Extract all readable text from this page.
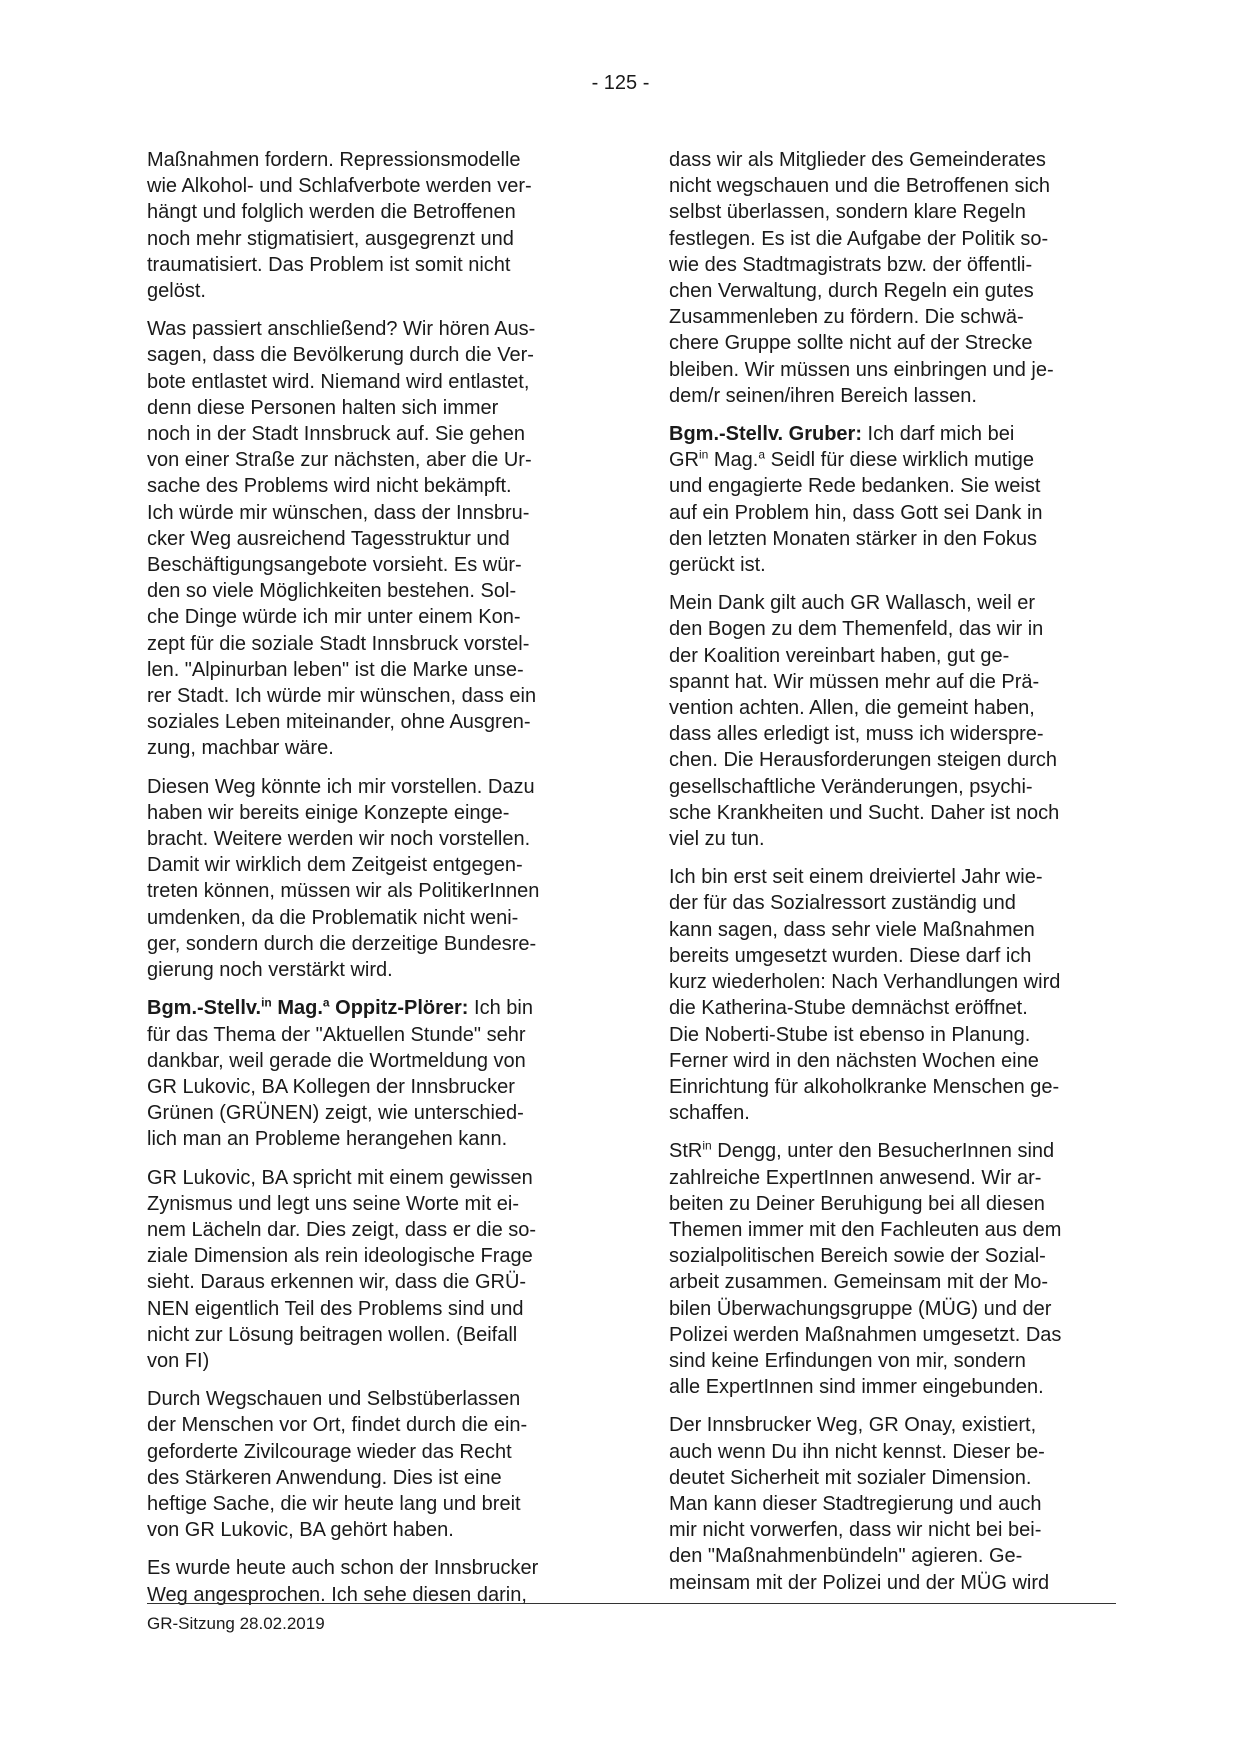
- 125 -

Maßnahmen fordern. Repressionsmodelle
wie Alkohol- und Schlafverbote werden ver-
hängt und folglich werden die Betroffenen
noch mehr stigmatisiert, ausgegrenzt und
traumatisiert. Das Problem ist somit nicht
gelöst.

Was passiert anschließend? Wir hören Aus-
sagen, dass die Bevölkerung durch die Ver-
bote entlastet wird. Niemand wird entlastet,
denn diese Personen halten sich immer
noch in der Stadt Innsbruck auf. Sie gehen
von einer Straße zur nächsten, aber die Ur-
sache des Problems wird nicht bekämpft.
Ich würde mir wünschen, dass der Innsbru-
cker Weg ausreichend Tagesstruktur und
Beschäftigungsangebote vorsieht. Es wür-
den so viele Möglichkeiten bestehen. Sol-
che Dinge würde ich mir unter einem Kon-
zept für die soziale Stadt Innsbruck vorstel-
len. "Alpinurban leben" ist die Marke unse-
rer Stadt. Ich würde mir wünschen, dass ein
soziales Leben miteinander, ohne Ausgren-
zung, machbar wäre.

Diesen Weg könnte ich mir vorstellen. Dazu
haben wir bereits einige Konzepte einge-
bracht. Weitere werden wir noch vorstellen.
Damit wir wirklich dem Zeitgeist entgegen-
treten können, müssen wir als PolitikerInnen
umdenken, da die Problematik nicht weni-
ger, sondern durch die derzeitige Bundesre-
gierung noch verstärkt wird.

Bgm.-Stellv.$^{in}$ Mag.$^a$ Oppitz-Plörer: Ich bin
für das Thema der "Aktuellen Stunde" sehr
dankbar, weil gerade die Wortmeldung von
GR Lukovic, BA Kollegen der Innsbrucker
Grünen (GRÜNEN) zeigt, wie unterschied-
lich man an Probleme herangehen kann.

GR Lukovic, BA spricht mit einem gewissen
Zynismus und legt uns seine Worte mit ei-
nem Lächeln dar. Dies zeigt, dass er die so-
ziale Dimension als rein ideologische Frage
sieht. Daraus erkennen wir, dass die GRÜ-
NEN eigentlich Teil des Problems sind und
nicht zur Lösung beitragen wollen. (Beifall
von FI)

Durch Wegschauen und Selbstüberlassen
der Menschen vor Ort, findet durch die ein-
geforderte Zivilcourage wieder das Recht
des Stärkeren Anwendung. Dies ist eine
heftige Sache, die wir heute lang und breit
von GR Lukovic, BA gehört haben.

Es wurde heute auch schon der Innsbrucker
Weg angesprochen. Ich sehe diesen darin,

dass wir als Mitglieder des Gemeinderates
nicht wegschauen und die Betroffenen sich
selbst überlassen, sondern klare Regeln
festlegen. Es ist die Aufgabe der Politik so-
wie des Stadtmagistrats bzw. der öffentli-
chen Verwaltung, durch Regeln ein gutes
Zusammenleben zu fördern. Die schwä-
chere Gruppe sollte nicht auf der Strecke
bleiben. Wir müssen uns einbringen und je-
dem/r seinen/ihren Bereich lassen.

Bgm.-Stellv. Gruber: Ich darf mich bei
$GR^{in}$ Mag.$^a$ Seidl für diese wirklich mutige
und engagierte Rede bedanken. Sie weist
auf ein Problem hin, dass Gott sei Dank in
den letzten Monaten stärker in den Fokus
gerückt ist.

Mein Dank gilt auch GR Wallasch, weil er
den Bogen zu dem Themenfeld, das wir in
der Koalition vereinbart haben, gut ge-
spannt hat. Wir müssen mehr auf die Prä-
vention achten. Allen, die gemeint haben,
dass alles erledigt ist, muss ich widerspre-
chen. Die Herausforderungen steigen durch
gesellschaftliche Veränderungen, psychi-
sche Krankheiten und Sucht. Daher ist noch
viel zu tun.

Ich bin erst seit einem dreiviertel Jahr wie-
der für das Sozialressort zuständig und
kann sagen, dass sehr viele Maßnahmen
bereits umgesetzt wurden. Diese darf ich
kurz wiederholen: Nach Verhandlungen wird
die Katherina-Stube demnächst eröffnet.
Die Noberti-Stube ist ebenso in Planung.
Ferner wird in den nächsten Wochen eine
Einrichtung für alkoholkranke Menschen ge-
schaffen.

StR$^{in}$ Dengg, unter den BesucherInnen sind
zahlreiche ExpertInnen anwesend. Wir ar-
beiten zu Deiner Beruhigung bei all diesen
Themen immer mit den Fachleuten aus dem
sozialpolitischen Bereich sowie der Sozial-
arbeit zusammen. Gemeinsam mit der Mo-
bilen Überwachungsgruppe (MÜG) und der
Polizei werden Maßnahmen umgesetzt. Das
sind keine Erfindungen von mir, sondern
alle ExpertInnen sind immer eingebunden.

Der Innsbrucker Weg, GR Onay, existiert,
auch wenn Du ihn nicht kennst. Dieser be-
deutet Sicherheit mit sozialer Dimension.
Man kann dieser Stadtregierung und auch
mir nicht vorwerfen, dass wir nicht bei bei-
den "Maßnahmenbündeln" agieren. Ge-
meinsam mit der Polizei und der MÜG wird

GR-Sitzung 28.02.2019
